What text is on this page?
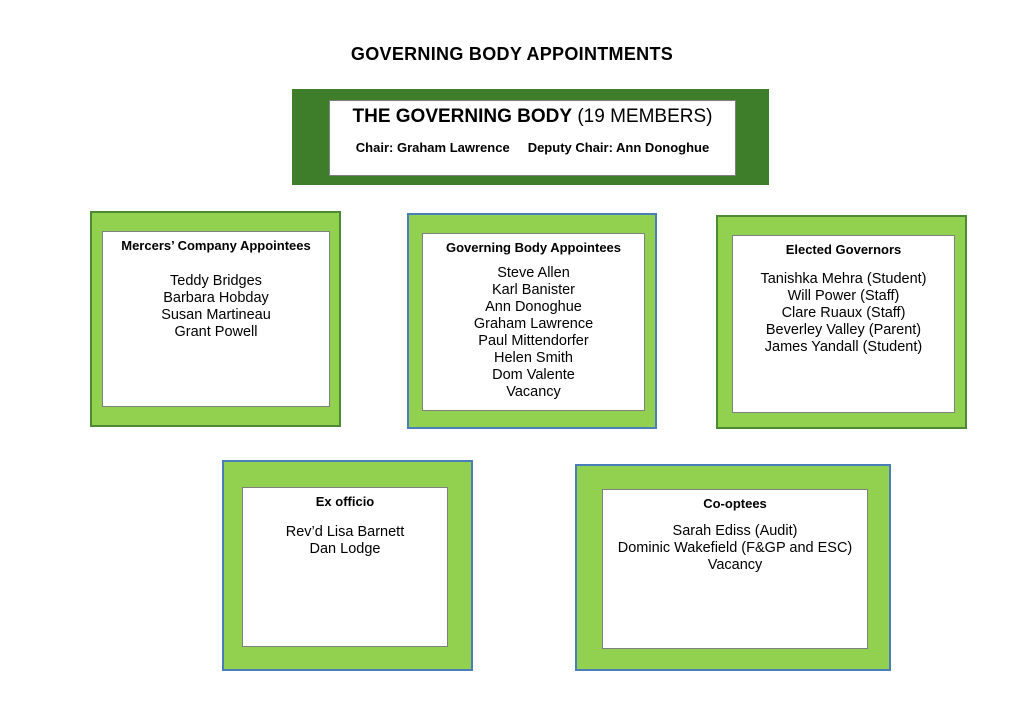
GOVERNING BODY APPOINTMENTS
THE GOVERNING BODY (19 MEMBERS)
Chair: Graham Lawrence Deputy Chair: Ann Donoghue
Mercers’ Company Appointees
Teddy Bridges
Barbara Hobday
Susan Martineau
Grant Powell
Governing Body Appointees
Steve Allen
Karl Banister
Ann Donoghue
Graham Lawrence
Paul Mittendorfer
Helen Smith
Dom Valente
Vacancy
Elected Governors
Tanishka Mehra (Student)
Will Power (Staff)
Clare Ruaux (Staff)
Beverley Valley (Parent)
James Yandall (Student)
Ex officio
Rev’d Lisa Barnett
Dan Lodge
Co-optees
Sarah Ediss (Audit)
Dominic Wakefield (F&GP and ESC)
Vacancy
